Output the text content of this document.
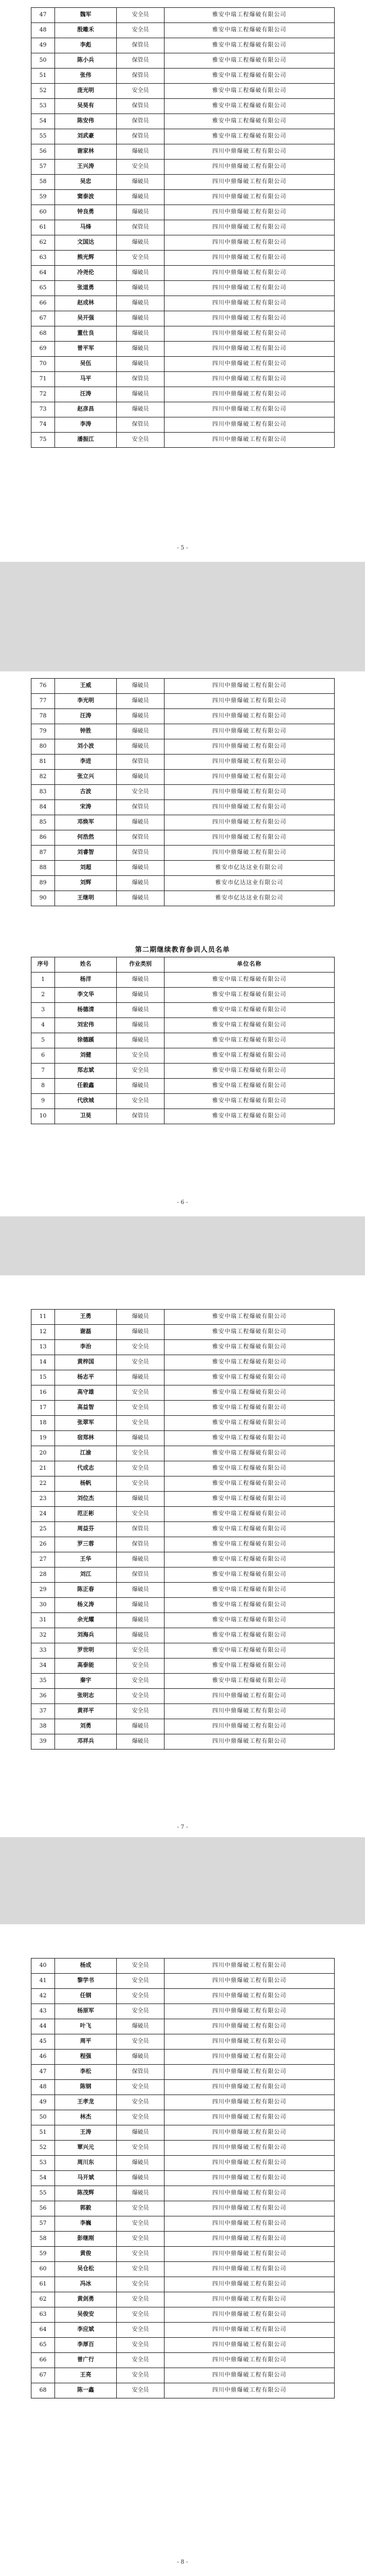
47	魏军	安全员	雅安中瑞工程爆破有限公司
48	殷雕禾	安全员	雅安中瑞工程爆破有限公司
49	李彪	保管员	雅安中瑞工程爆破有限公司
50	陈小兵	保管员	雅安中瑞工程爆破有限公司
51	张伟	保管员	雅安中瑞工程爆破有限公司
52	庞光明	安全员	雅安中瑞工程爆破有限公司
53	吴昊有	保管员	雅安中瑞工程爆破有限公司
54	陈安伟	保管员	雅安中瑞工程爆破有限公司
55	刘武豪	保管员	雅安中瑞工程爆破有限公司
56	谢家林	爆破员	四川中鼎爆破工程有限公司
57	王兴涛	安全员	四川中鼎爆破工程有限公司
58	吴忠	爆破员	四川中鼎爆破工程有限公司
59	窦泰波	爆破员	四川中鼎爆破工程有限公司
60	钟良勇	爆破员	四川中鼎爆破工程有限公司
61	马烽	保管员	四川中鼎爆破工程有限公司
62	文国达	爆破员	四川中鼎爆破工程有限公司
63	熊光辉	安全员	四川中鼎爆破工程有限公司
64	冷尧伦	爆破员	四川中鼎爆破工程有限公司
65	张道勇	爆破员	四川中鼎爆破工程有限公司
66	赵成林	爆破员	四川中鼎爆破工程有限公司
67	吴开强	爆破员	四川中鼎爆破工程有限公司
68	董仕良	爆破员	四川中鼎爆破工程有限公司
69	曾平军	爆破员	四川中鼎爆破工程有限公司
70	吴伍	爆破员	四川中鼎爆破工程有限公司
71	马平	保管员	四川中鼎爆破工程有限公司
72	汪涛	爆破员	四川中鼎爆破工程有限公司
73	赵彦昌	爆破员	四川中鼎爆破工程有限公司
74	李涛	保管员	四川中鼎爆破工程有限公司
75	潘振江	安全员	四川中鼎爆破工程有限公司
- 5 -
76	王威	爆破员	四川中鼎爆破工程有限公司
77	李光明	爆破员	四川中鼎爆破工程有限公司
78	汪涛	爆破员	四川中鼎爆破工程有限公司
79	钟胜	爆破员	四川中鼎爆破工程有限公司
80	刘小波	爆破员	四川中鼎爆破工程有限公司
81	李进	保管员	四川中鼎爆破工程有限公司
82	张立兴	爆破员	四川中鼎爆破工程有限公司
83	古波	安全员	四川中鼎爆破工程有限公司
84	宋涛	保管员	四川中鼎爆破工程有限公司
85	邓焕军	爆破员	四川中鼎爆破工程有限公司
86	何浩然	保管员	四川中鼎爆破工程有限公司
87	刘睿智	保管员	四川中鼎爆破工程有限公司
88	刘超	爆破员	雅安市亿达这业有限公司
89	刘辉	爆破员	雅安市亿达这业有限公司
90	王继明	爆破员	雅安市亿达这业有限公司
第二期继续教育参训人员名单
序号	姓名	作业类别	单位名称
1	杨洋	爆破员	雅安中瑞工程爆破有限公司
2	李文华	爆破员	雅安中瑞工程爆破有限公司
3	杨德清	爆破员	雅安中瑞工程爆破有限公司
4	刘宏伟	爆破员	雅安中瑞工程爆破有限公司
5	徐德蹊	爆破员	雅安中瑞工程爆破有限公司
6	刘健	安全员	雅安中瑞工程爆破有限公司
7	郑志斌	安全员	雅安中瑞工程爆破有限公司
8	任毅鑫	爆破员	雅安中瑞工程爆破有限公司
9	代欣城	安全员	雅安中瑞工程爆破有限公司
10	卫昊	保管员	雅安中瑞工程爆破有限公司
- 6 -
11	王勇	爆破员	雅安中瑞工程爆破有限公司
12	谢磊	爆破员	雅安中瑞工程爆破有限公司
13	李治	安全员	雅安中瑞工程爆破有限公司
14	黄梓国	安全员	雅安中瑞工程爆破有限公司
15	杨志平	爆破员	雅安中瑞工程爆破有限公司
16	高守雄	安全员	雅安中瑞工程爆破有限公司
17	高益智	安全员	雅安中瑞工程爆破有限公司
18	张翠军	安全员	雅安中瑞工程爆破有限公司
19	宿郑林	爆破员	雅安中瑞工程爆破有限公司
20	江渝	安全员	雅安中瑞工程爆破有限公司
21	代成志	安全员	雅安中瑞工程爆破有限公司
22	杨帆	安全员	雅安中瑞工程爆破有限公司
23	刘位杰	爆破员	雅安中瑞工程爆破有限公司
24	范正彬	安全员	雅安中瑞工程爆破有限公司
25	周益芬	保管员	雅安中瑞工程爆破有限公司
26	罗三蓉	保管员	雅安中瑞工程爆破有限公司
27	王华	爆破员	雅安中瑞工程爆破有限公司
28	刘江	保管员	雅安中瑞工程爆破有限公司
29	陈正春	爆破员	雅安中瑞工程爆破有限公司
30	杨义涛	爆破员	雅安中瑞工程爆破有限公司
31	余光耀	爆破员	雅安中瑞工程爆破有限公司
32	刘海兵	爆破员	雅安中瑞工程爆破有限公司
33	罗世明	安全员	雅安中瑞工程爆破有限公司
34	高泰能	安全员	雅安中瑞工程爆破有限公司
35	秦宇	安全员	雅安中瑞工程爆破有限公司
36	张明志	安全员	四川中鼎爆破工程有限公司
37	黄祥平	安全员	四川中鼎爆破工程有限公司
38	刘勇	爆破员	四川中鼎爆破工程有限公司
39	邓祥兵	爆破员	四川中鼎爆破工程有限公司
- 7 -
40	杨成	安全员	四川中鼎爆破工程有限公司
41	黎学书	安全员	四川中鼎爆破工程有限公司
42	任钢	安全员	四川中鼎爆破工程有限公司
43	杨原军	安全员	四川中鼎爆破工程有限公司
44	叶飞	爆破员	四川中鼎爆破工程有限公司
45	周平	安全员	四川中鼎爆破工程有限公司
46	程强	爆破员	四川中鼎爆破工程有限公司
47	李松	保管员	四川中鼎爆破工程有限公司
48	陈钢	安全员	四川中鼎爆破工程有限公司
49	王孝龙	安全员	四川中鼎爆破工程有限公司
50	林杰	安全员	四川中鼎爆破工程有限公司
51	王涛	爆破员	四川中鼎爆破工程有限公司
52	覃兴元	安全员	四川中鼎爆破工程有限公司
53	周川东	爆破员	四川中鼎爆破工程有限公司
54	马开斌	爆破员	四川中鼎爆破工程有限公司
55	陈茂辉	爆破员	四川中鼎爆破工程有限公司
56	郭毅	安全员	四川中鼎爆破工程有限公司
57	李巍	安全员	四川中鼎爆破工程有限公司
58	彭继刚	安全员	四川中鼎爆破工程有限公司
59	黄俊	安全员	四川中鼎爆破工程有限公司
60	吴仓松	安全员	四川中鼎爆破工程有限公司
61	冯冰	安全员	四川中鼎爆破工程有限公司
62	黄剑勇	安全员	四川中鼎爆破工程有限公司
63	吴俊安	安全员	四川中鼎爆破工程有限公司
64	李应斌	安全员	四川中鼎爆破工程有限公司
65	李厚百	安全员	四川中鼎爆破工程有限公司
66	曾广行	安全员	四川中鼎爆破工程有限公司
67	王亮	安全员	四川中鼎爆破工程有限公司
68	陈一鑫	安全员	四川中鼎爆破工程有限公司
- 8 -
